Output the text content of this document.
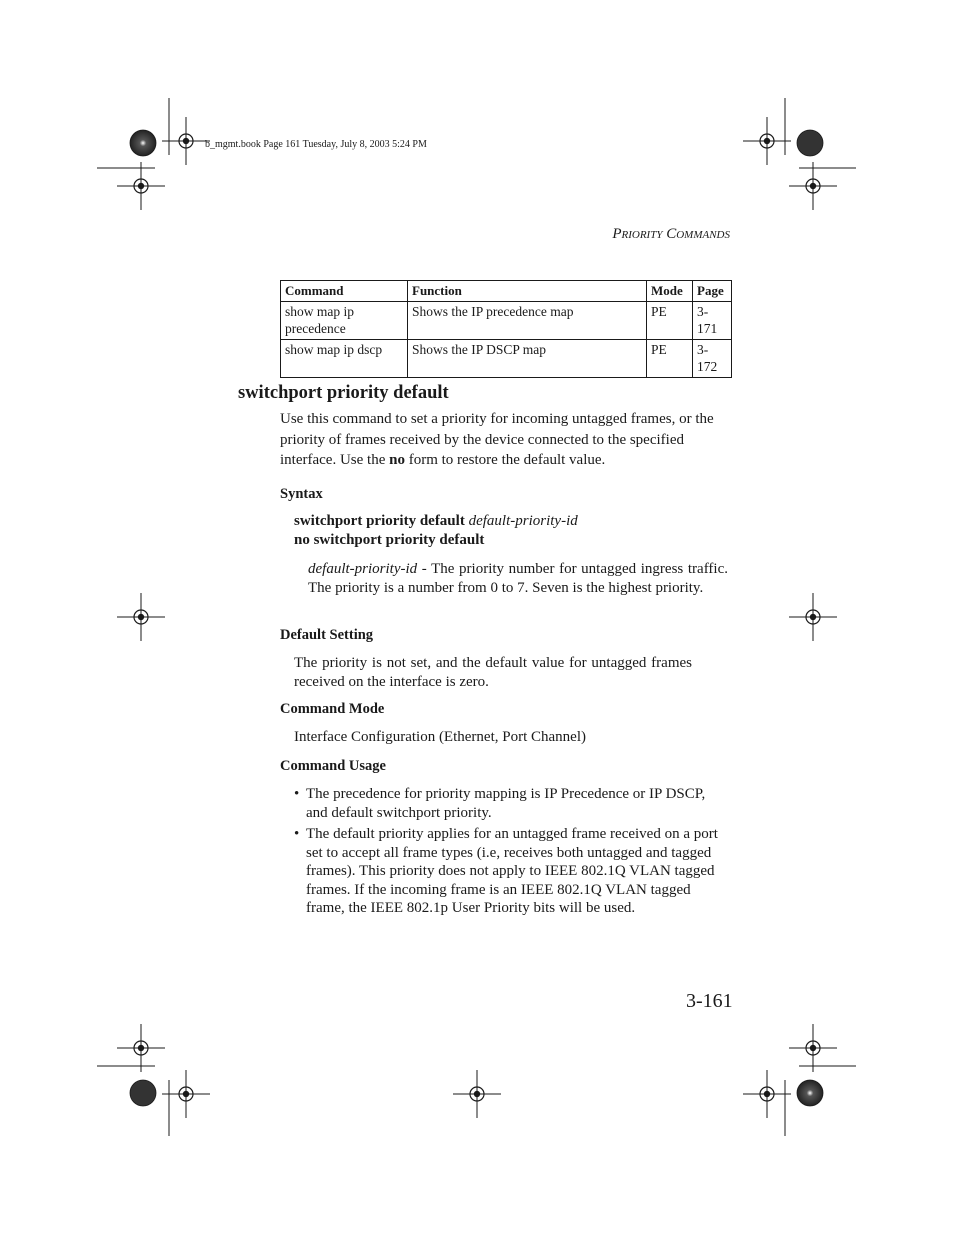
b_mgmt.book Page 161 Tuesday, July 8, 2003 5:24 PM
PRIORITY COMMANDS
Command	Function	Mode	Page
show map ip precedence	Shows the IP precedence map	PE	3-171
show map ip dscp	Shows the IP DSCP map	PE	3-172
switchport priority default
Use this command to set a priority for incoming untagged frames, or the priority of frames received by the device connected to the specified interface. Use the no form to restore the default value.
Syntax
switchport priority default default-priority-id
no switchport priority default
default-priority-id - The priority number for untagged ingress traffic. The priority is a number from 0 to 7. Seven is the highest priority.
Default Setting
The priority is not set, and the default value for untagged frames received on the interface is zero.
Command Mode
Interface Configuration (Ethernet, Port Channel)
Command Usage
• The precedence for priority mapping is IP Precedence or IP DSCP, and default switchport priority.
• The default priority applies for an untagged frame received on a port set to accept all frame types (i.e, receives both untagged and tagged frames). This priority does not apply to IEEE 802.1Q VLAN tagged frames. If the incoming frame is an IEEE 802.1Q VLAN tagged frame, the IEEE 802.1p User Priority bits will be used.
3-161
